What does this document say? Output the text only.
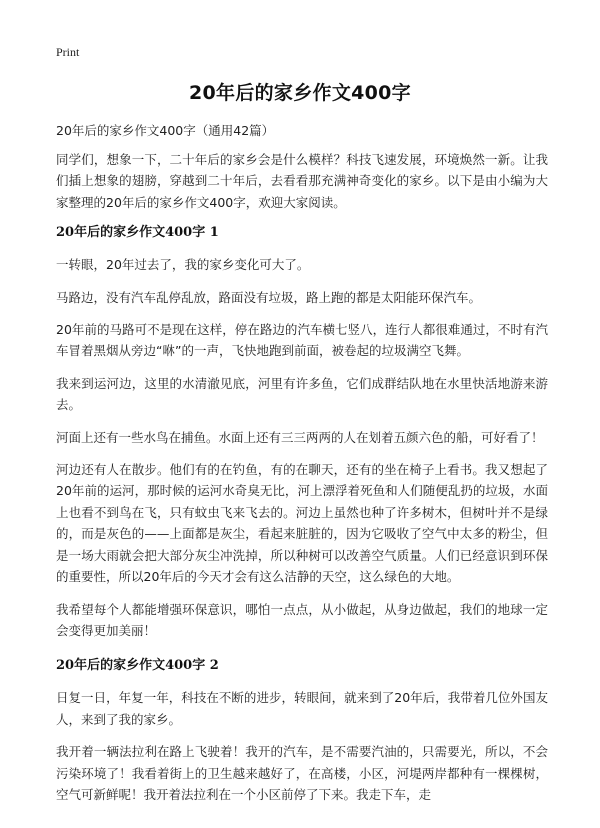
Print
20年后的家乡作文400字
20年后的家乡作文400字（通用42篇）

同学们，想象一下，二十年后的家乡会是什么模样？科技飞速发展，环境焕然一新。让我们插上想象的翅膀，穿越到二十年后，去看看那充满神奇变化的家乡。以下是由小编为大家整理的20年后的家乡作文400字，欢迎大家阅读。

20年后的家乡作文400字 1

一转眼，20年过去了，我的家乡变化可大了。

马路边，没有汽车乱停乱放，路面没有垃圾，路上跑的都是太阳能环保汽车。

20年前的马路可不是现在这样，停在路边的汽车横七竖八，连行人都很难通过，不时有汽车冒着黑烟从旁边“咻”的一声，飞快地跑到前面，被卷起的垃圾满空飞舞。

我来到运河边，这里的水清澈见底，河里有许多鱼，它们成群结队地在水里快活地游来游去。

河面上还有一些水鸟在捕鱼。水面上还有三三两两的人在划着五颜六色的船，可好看了！

河边还有人在散步。他们有的在钓鱼，有的在聊天，还有的坐在椅子上看书。我又想起了20年前的运河，那时候的运河水奇臭无比，河上漂浮着死鱼和人们随便乱扔的垃圾，水面上也看不到鸟在飞，只有蚊虫飞来飞去的。河边上虽然也种了许多树木，但树叶并不是绿的，而是灰色的——上面都是灰尘，看起来脏脏的，因为它吸收了空气中太多的粉尘，但是一场大雨就会把大部分灰尘冲洗掉，所以种树可以改善空气质量。人们已经意识到环保的重要性，所以20年后的今天才会有这么洁静的天空，这么绿色的大地。

我希望每个人都能增强环保意识，哪怕一点点，从小做起，从身边做起，我们的地球一定会变得更加美丽！

20年后的家乡作文400字 2

日复一日，年复一年，科技在不断的进步，转眼间，就来到了20年后，我带着几位外国友人，来到了我的家乡。

我开着一辆法拉利在路上飞驶着！我开的汽车，是不需要汽油的，只需要光，所以，不会污染环境了！我看着街上的卫生越来越好了，在高楼，小区，河堤两岸都种有一棵棵树，空气可新鲜呢！我开着法拉利在一个小区前停了下来。我走下车，走
